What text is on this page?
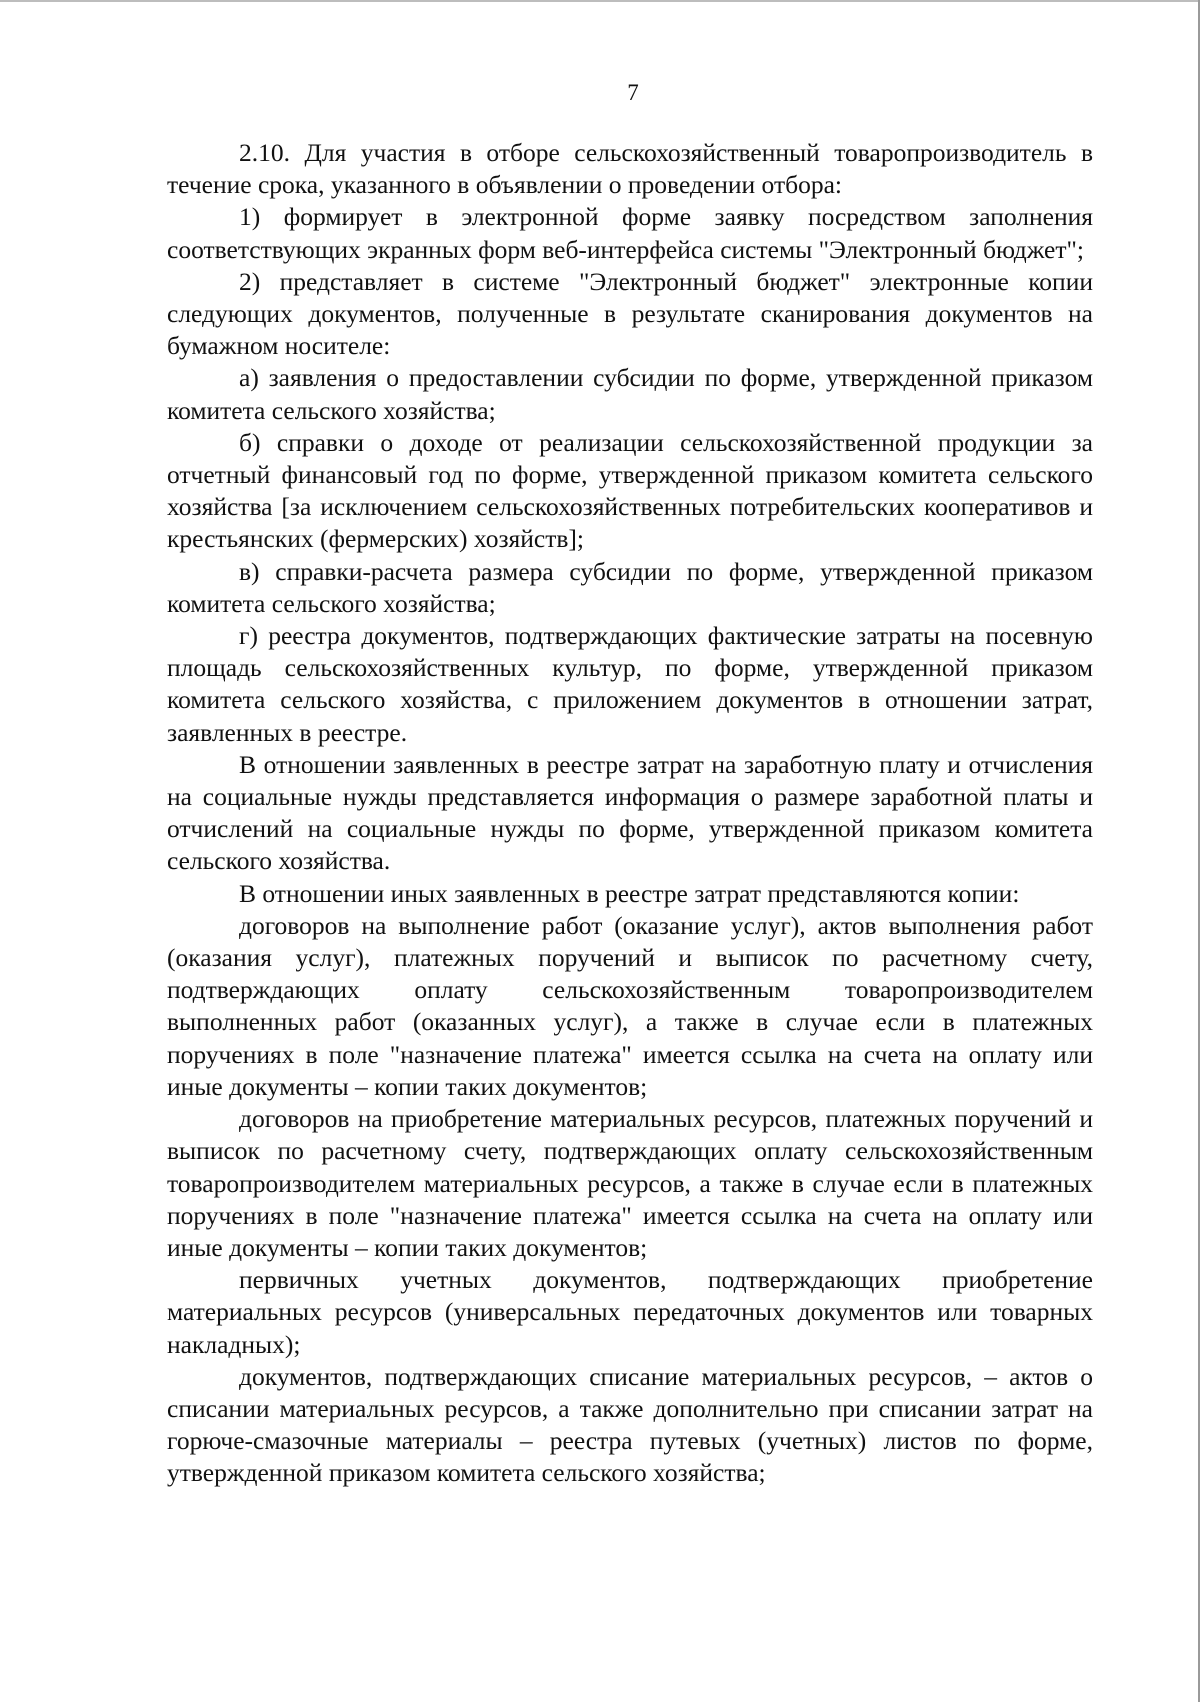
7

2.10. Для участия в отборе сельскохозяйственный товаропроизводитель в течение срока, указанного в объявлении о проведении отбора:

1) формирует в электронной форме заявку посредством заполнения соответствующих экранных форм веб-интерфейса системы "Электронный бюджет";

2) представляет в системе "Электронный бюджет" электронные копии следующих документов, полученные в результате сканирования документов на бумажном носителе:

а) заявления о предоставлении субсидии по форме, утвержденной приказом комитета сельского хозяйства;

б) справки о доходе от реализации сельскохозяйственной продукции за отчетный финансовый год по форме, утвержденной приказом комитета сельского хозяйства [за исключением сельскохозяйственных потребительских кооперативов и крестьянских (фермерских) хозяйств];

в) справки-расчета размера субсидии по форме, утвержденной приказом комитета сельского хозяйства;

г) реестра документов, подтверждающих фактические затраты на посевную площадь сельскохозяйственных культур, по форме, утвержденной приказом комитета сельского хозяйства, с приложением документов в отношении затрат, заявленных в реестре.

В отношении заявленных в реестре затрат на заработную плату и отчисления на социальные нужды представляется информация о размере заработной платы и отчислений на социальные нужды по форме, утвержденной приказом комитета сельского хозяйства.

В отношении иных заявленных в реестре затрат представляются копии:

договоров на выполнение работ (оказание услуг), актов выполнения работ (оказания услуг), платежных поручений и выписок по расчетному счету, подтверждающих оплату сельскохозяйственным товаропроизводителем выполненных работ (оказанных услуг), а также в случае если в платежных поручениях в поле "назначение платежа" имеется ссылка на счета на оплату или иные документы – копии таких документов;

договоров на приобретение материальных ресурсов, платежных поручений и выписок по расчетному счету, подтверждающих оплату сельскохозяйственным товаропроизводителем материальных ресурсов, а также в случае если в платежных поручениях в поле "назначение платежа" имеется ссылка на счета на оплату или иные документы – копии таких документов;

первичных учетных документов, подтверждающих приобретение материальных ресурсов (универсальных передаточных документов или товарных накладных);

документов, подтверждающих списание материальных ресурсов, – актов о списании материальных ресурсов, а также дополнительно при списании затрат на горюче-смазочные материалы – реестра путевых (учетных) листов по форме, утвержденной приказом комитета сельского хозяйства;
